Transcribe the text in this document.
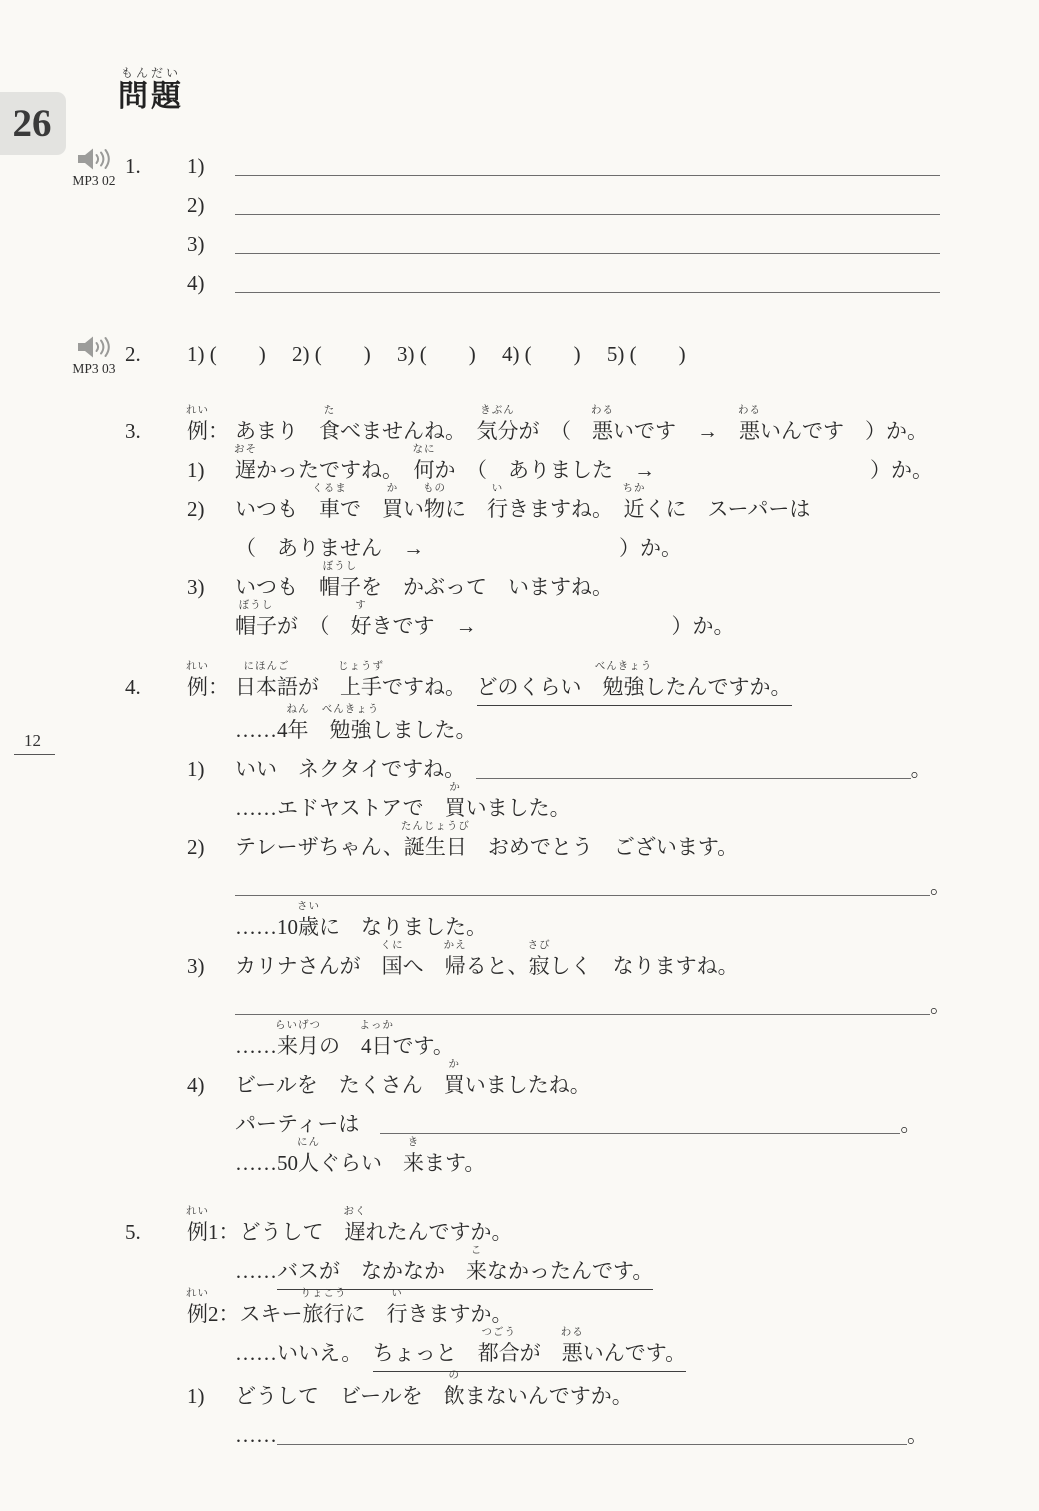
26
もんだい
問題
12
MP3 02
1.	1)
2)
3)
4)
MP3 03
2.	1) (　　)　 2) (　　)　 3) (　　)　 4) (　　)　 5) (　　)
3.
れい
例： あまり　
た
食べませんね。　
きぶん
気分が　（　
わる
悪いです　→　
わる
悪いんです　）か。
1)
おそ
遅かったですね。　
なに
何か　（　ありました　→	）か。
2)	いつも　
くるま
車で　
か
買い
もの
物に　
い
行きますね。　
ちか
近くに　スーパーは
（　ありません　→	）か。
3)	いつも　
ぼうし
帽子を　かぶって　いますね。
ぼうし
帽子が　（　
す
好きです　→	）か。
4.
れい
例：
にほんご
日本語が　
じょうず
上手ですね。　どのくらい　
べんきょう
勉強したんですか。
……4
ねん
年　
べんきょう
勉強しました。
1)	いい　ネクタイですね。　	。
……エドヤストアで　
か
買いました。
2)	テレーザちゃん、
たんじょうび
誕生日　おめでとう　ございます。
。
……10
さい
歳に　なりました。
3)	カリナさんが　
くに
国へ　
かえ
帰ると、
さび
寂しく　なりますね。
。
……
らいげつ
来月の　
よっか
4日です。
4)	ビールを　たくさん　
か
買いましたね。
パーティーは　	。
……50
にん
人ぐらい　
き
来ます。
5.
れい
例1： どうして　
おく
遅れたんですか。
……バスが　なかなか　
こ
来なかったんです。
れい
例2： スキー
りょこう
旅行に　
い
行きますか。
……いいえ。　ちょっと　
つごう
都合が　
わる
悪いんです。
1)	どうして　ビールを　
の
飲まないんですか。
……	。
